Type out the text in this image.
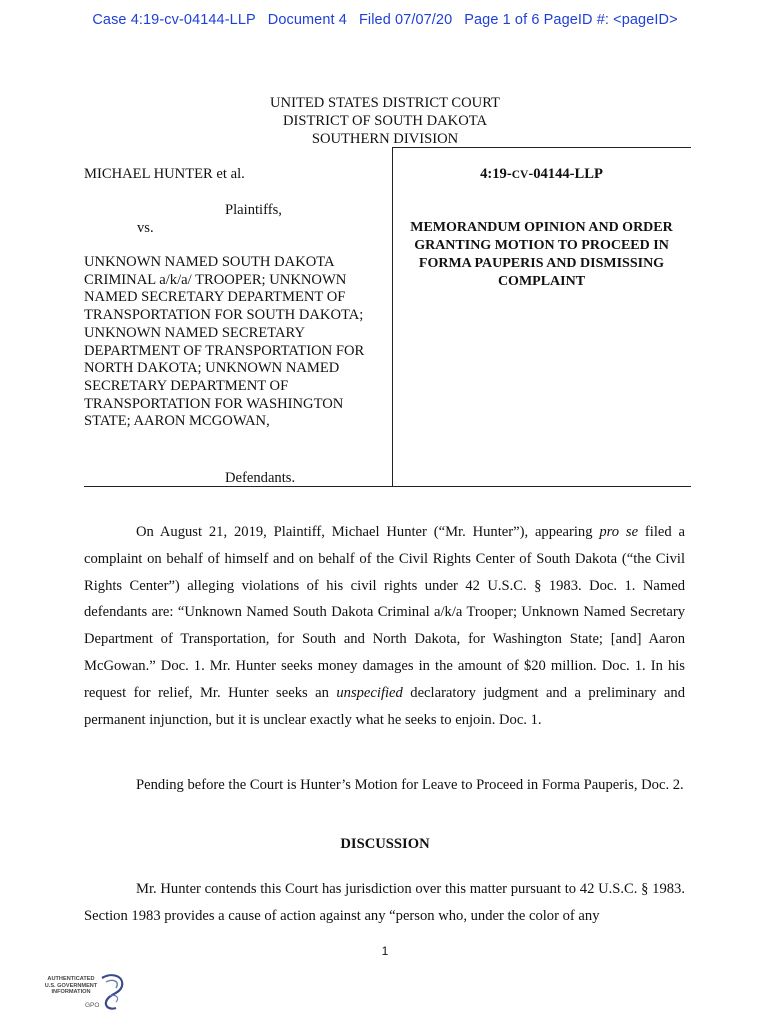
Case 4:19-cv-04144-LLP Document 4 Filed 07/07/20 Page 1 of 6 PageID #: <pageID>
UNITED STATES DISTRICT COURT
DISTRICT OF SOUTH DAKOTA
SOUTHERN DIVISION
MICHAEL HUNTER et al.
Plaintiffs,
vs.
UNKNOWN NAMED SOUTH DAKOTA
CRIMINAL a/k/a/ TROOPER; UNKNOWN
NAMED SECRETARY DEPARTMENT OF
TRANSPORTATION FOR SOUTH DAKOTA;
UNKNOWN NAMED SECRETARY
DEPARTMENT OF TRANSPORTATION FOR
NORTH DAKOTA; UNKNOWN NAMED
SECRETARY DEPARTMENT OF
TRANSPORTATION FOR WASHINGTON
STATE; AARON MCGOWAN,
Defendants.
4:19-CV-04144-LLP
MEMORANDUM OPINION AND ORDER
GRANTING MOTION TO PROCEED IN
FORMA PAUPERIS AND DISMISSING
COMPLAINT

On August 21, 2019, Plaintiff, Michael Hunter (“Mr. Hunter”), appearing pro se filed a complaint on behalf of himself and on behalf of the Civil Rights Center of South Dakota (“the Civil Rights Center”) alleging violations of his civil rights under 42 U.S.C. § 1983. Doc. 1. Named defendants are: “Unknown Named South Dakota Criminal a/k/a Trooper; Unknown Named Secretary Department of Transportation, for South and North Dakota, for Washington State; [and] Aaron McGowan.” Doc. 1. Mr. Hunter seeks money damages in the amount of $20 million. Doc. 1. In his request for relief, Mr. Hunter seeks an unspecified declaratory judgment and a preliminary and permanent injunction, but it is unclear exactly what he seeks to enjoin. Doc. 1.

Pending before the Court is Hunter’s Motion for Leave to Proceed in Forma Pauperis, Doc. 2.

DISCUSSION

Mr. Hunter contends this Court has jurisdiction over this matter pursuant to 42 U.S.C. § 1983. Section 1983 provides a cause of action against any “person who, under the color of any

1
AUTHENTICATED
U.S. GOVERNMENT
INFORMATION
GPO
